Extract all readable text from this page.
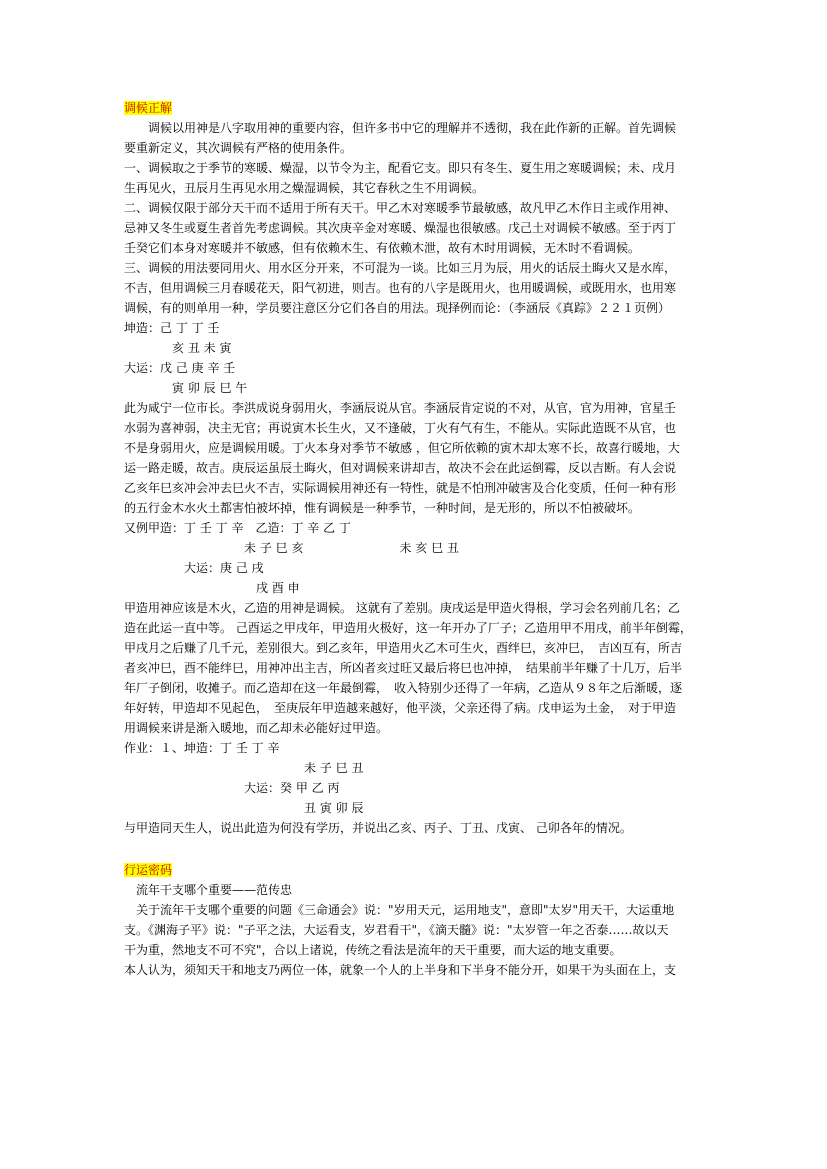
调候正解
　　调候以用神是八字取用神的重要内容，但许多书中它的理解并不透彻，我在此作新的正解。首先调候
要重新定义，其次调候有严格的使用条件。
一、调候取之于季节的寒暖、燥湿，以节令为主，配看它支。即只有冬生、夏生用之寒暖调候；未、戌月
生再见火，丑辰月生再见水用之燥湿调候，其它春秋之生不用调候。
二、调候仅限于部分天干而不适用于所有天干。甲乙木对寒暖季节最敏感，故凡甲乙木作日主或作用神、
忌神又冬生或夏生者首先考虑调候。其次庚辛金对寒暖、燥湿也很敏感。戊己土对调候不敏感。至于丙丁
壬癸它们本身对寒暖并不敏感，但有依赖木生、有依赖木泄，故有木时用调候，无木时不看调候。
三、调候的用法要同用火、用水区分开来，不可混为一谈。比如三月为辰，用火的话辰土晦火又是水库，
不吉，但用调候三月春暖花天，阳气初进，则吉。也有的八字是既用火，也用暖调候，或既用水，也用寒
调候，有的则单用一种，学员要注意区分它们各自的用法。现择例而论：（李涵辰《真踪》２２１页例）
坤造：己 丁 丁 壬
　　　　亥 丑 未 寅
大运：戊 己 庚 辛 壬
　　　　寅 卯 辰 巳 午
此为咸宁一位市长。李洪成说身弱用火，李涵辰说从官。李涵辰肯定说的不对，从官，官为用神，官星壬
水弱为喜神弱，决主无官；再说寅木长生火，又不逢破，丁火有气有生，不能从。实际此造既不从官，也
不是身弱用火，应是调候用暖。丁火本身对季节不敏感 ，但它所依赖的寅木却太寒不长，故喜行暖地，大
运一路走暖，故吉。庚辰运虽辰土晦火，但对调候来讲却吉，故决不会在此运倒霉，反以吉断。有人会说
乙亥年巳亥冲会冲去巳火不吉，实际调候用神还有一特性，就是不怕刑冲破害及合化变质，任何一种有形
的五行金木水火土都害怕被坏掉，惟有调候是一种季节，一种时间，是无形的，所以不怕被破坏。
又例甲造：丁 壬 丁 辛　乙造：丁 辛 乙 丁
　　　　　　　　　　未 子 巳 亥　　　　　　　　未 亥 巳 丑
　　　　　大运：庚 己 戌
　　　　　　　　　　　戌 酉 申
甲造用神应该是木火，乙造的用神是调候。 这就有了差别。庚戌运是甲造火得根，学习会名列前几名；乙
造在此运一直中等。 己酉运之甲戌年，甲造用火极好，这一年开办了厂子；乙造用甲不用戌，前半年倒霉，
甲戌月之后赚了几千元，差别很大。到乙亥年，甲造用火乙木可生火，酉绊巳，亥冲巳，　吉凶互有，所吉
者亥冲巳，酉不能绊巳，用神冲出主吉，所凶者亥过旺又最后将巳也冲掉，　结果前半年赚了十几万，后半
年厂子倒闭，收摊子。而乙造却在这一年最倒霉，　收入特别少还得了一年病，乙造从９８年之后渐暖，逐
年好转，甲造却不见起色，　至庚辰年甲造越来越好，他平淡，父亲还得了病。戊申运为土金，　对于甲造
用调候来讲是渐入暖地，而乙却未必能好过甲造。
作业：１、坤造：丁 壬 丁 辛
　　　　　　　　　　　　　　　未 子 巳 丑
　　　　　　　　　　大运：癸 甲 乙 丙
　　　　　　　　　　　　　　　丑 寅 卯 辰
与甲造同天生人，说出此造为何没有学历，并说出乙亥、丙子、丁丑、戊寅、 己卯各年的情况。
行运密码
　流年干支哪个重要——范传忠
　关于流年干支哪个重要的问题《三命通会》说："岁用天元，运用地支"，意即"太岁"用天干，大运重地
支。《渊海子平》说："子平之法，大运看支，岁君看干"，《滴天髓》说："太岁管一年之否泰……故以天
干为重，然地支不可不究"，合以上诸说，传统之看法是流年的天干重要，而大运的地支重要。
本人认为，须知天干和地支乃两位一体，就象一个人的上半身和下半身不能分开，如果干为头面在上，支
